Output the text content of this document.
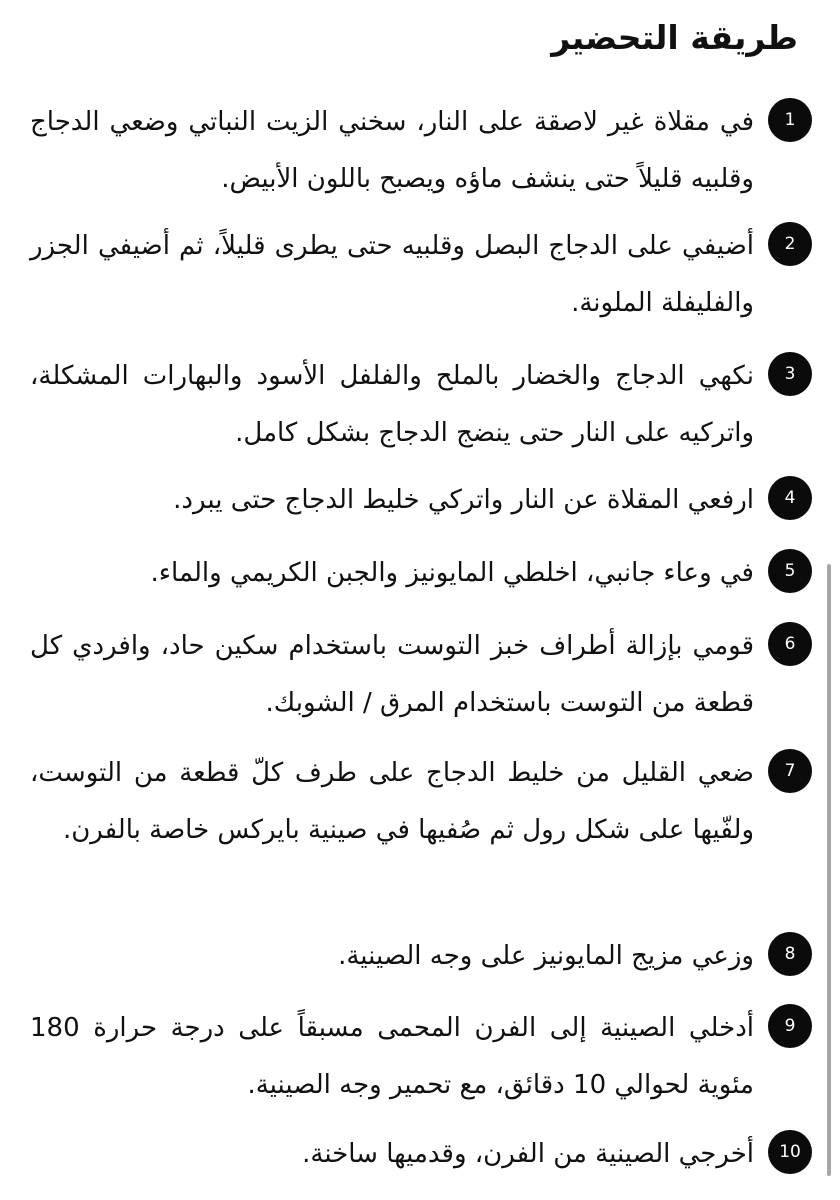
طريقة التحضير
1

في مقلاة غير لاصقة على النار، سخني الزيت النباتي وضعي الدجاج وقلبيه قليلاً حتى ينشف ماؤه ويصبح باللون الأبيض.

2

أضيفي على الدجاج البصل وقلبيه حتى يطرى قليلاً، ثم أضيفي الجزر والفليفلة الملونة.

3

نكهي الدجاج والخضار بالملح والفلفل الأسود والبهارات المشكلة، واتركيه على النار حتى ينضج الدجاج بشكل كامل.

4

ارفعي المقلاة عن النار واتركي خليط الدجاج حتى يبرد.

5

في وعاء جانبي، اخلطي المايونيز والجبن الكريمي والماء.

6

قومي بإزالة أطراف خبز التوست باستخدام سكين حاد، وافردي كل قطعة من التوست باستخدام المرق / الشوبك.

7

ضعي القليل من خليط الدجاج على طرف كلّ قطعة من التوست، ولفّيها على شكل رول ثم صُفيها في صينية بايركس خاصة بالفرن.

8

وزعي مزيج المايونيز على وجه الصينية.

9

أدخلي الصينية إلى الفرن المحمى مسبقاً على درجة حرارة 180 مئوية لحوالي 10 دقائق، مع تحمير وجه الصينية.

10

أخرجي الصينية من الفرن، وقدميها ساخنة.
